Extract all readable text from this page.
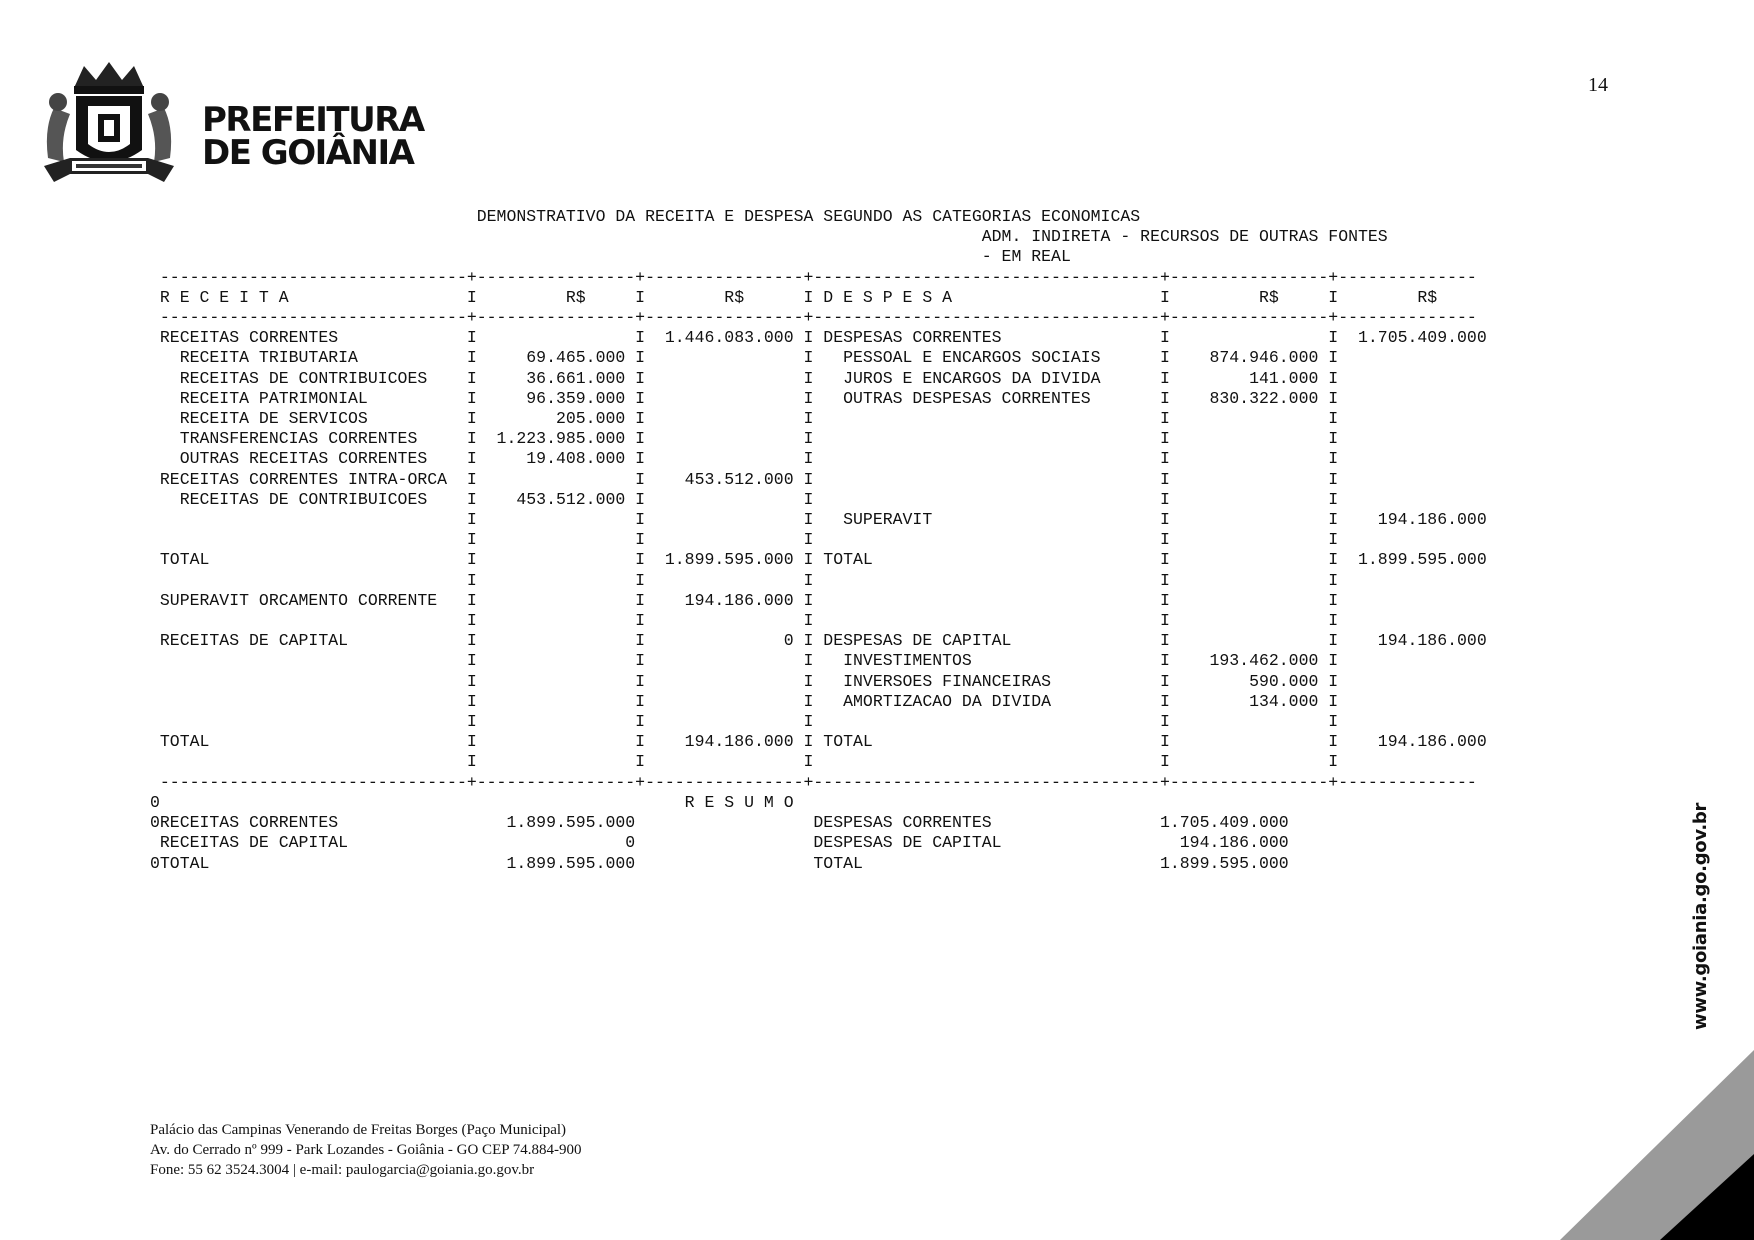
14
PREFEITURA
DE GOIÂNIA
DEMONSTRATIVO DA RECEITA E DESPESA SEGUNDO AS CATEGORIAS ECONOMICAS
ADM. INDIRETA - RECURSOS DE OUTRAS FONTES
- EM REAL
-------------------------------+----------------+----------------+-----------------------------------+----------------+--------------
R E C E I T A                  I         R$     I        R$      I D E S P E S A                     I         R$     I        R$
-------------------------------+----------------+----------------+-----------------------------------+----------------+--------------
RECEITAS CORRENTES             I                I  1.446.083.000 I DESPESAS CORRENTES                I                I  1.705.409.000
RECEITA TRIBUTARIA           I     69.465.000 I                I   PESSOAL E ENCARGOS SOCIAIS      I    874.946.000 I
RECEITAS DE CONTRIBUICOES    I     36.661.000 I                I   JUROS E ENCARGOS DA DIVIDA      I        141.000 I
RECEITA PATRIMONIAL          I     96.359.000 I                I   OUTRAS DESPESAS CORRENTES       I    830.322.000 I
RECEITA DE SERVICOS          I        205.000 I                I                                   I                I
TRANSFERENCIAS CORRENTES     I  1.223.985.000 I                I                                   I                I
OUTRAS RECEITAS CORRENTES    I     19.408.000 I                I                                   I                I
RECEITAS CORRENTES INTRA-ORCA  I                I    453.512.000 I                                   I                I
RECEITAS DE CONTRIBUICOES    I    453.512.000 I                I                                   I                I
I                I                I   SUPERAVIT                       I                I    194.186.000
I                I                I                                   I                I
TOTAL                          I                I  1.899.595.000 I TOTAL                             I                I  1.899.595.000
I                I                I                                   I                I
SUPERAVIT ORCAMENTO CORRENTE   I                I    194.186.000 I                                   I                I
I                I                I                                   I                I
RECEITAS DE CAPITAL            I                I              0 I DESPESAS DE CAPITAL               I                I    194.186.000
I                I                I   INVESTIMENTOS                   I    193.462.000 I
I                I                I   INVERSOES FINANCEIRAS           I        590.000 I
I                I                I   AMORTIZACAO DA DIVIDA           I        134.000 I
I                I                I                                   I                I
TOTAL                          I                I    194.186.000 I TOTAL                             I                I    194.186.000
I                I                I                                   I                I
-------------------------------+----------------+----------------+-----------------------------------+----------------+--------------
0                                                     R E S U M O
0RECEITAS CORRENTES                 1.899.595.000                  DESPESAS CORRENTES                 1.705.409.000
RECEITAS DE CAPITAL                            0                  DESPESAS DE CAPITAL                  194.186.000
0TOTAL                              1.899.595.000                  TOTAL                              1.899.595.000	www.goiania.go.gov.br
Palácio das Campinas Venerando de Freitas Borges (Paço Municipal)
Av. do Cerrado nº 999 - Park Lozandes - Goiânia - GO CEP 74.884-900
Fone: 55 62 3524.3004 | e-mail: paulogarcia@goiania.go.gov.br
